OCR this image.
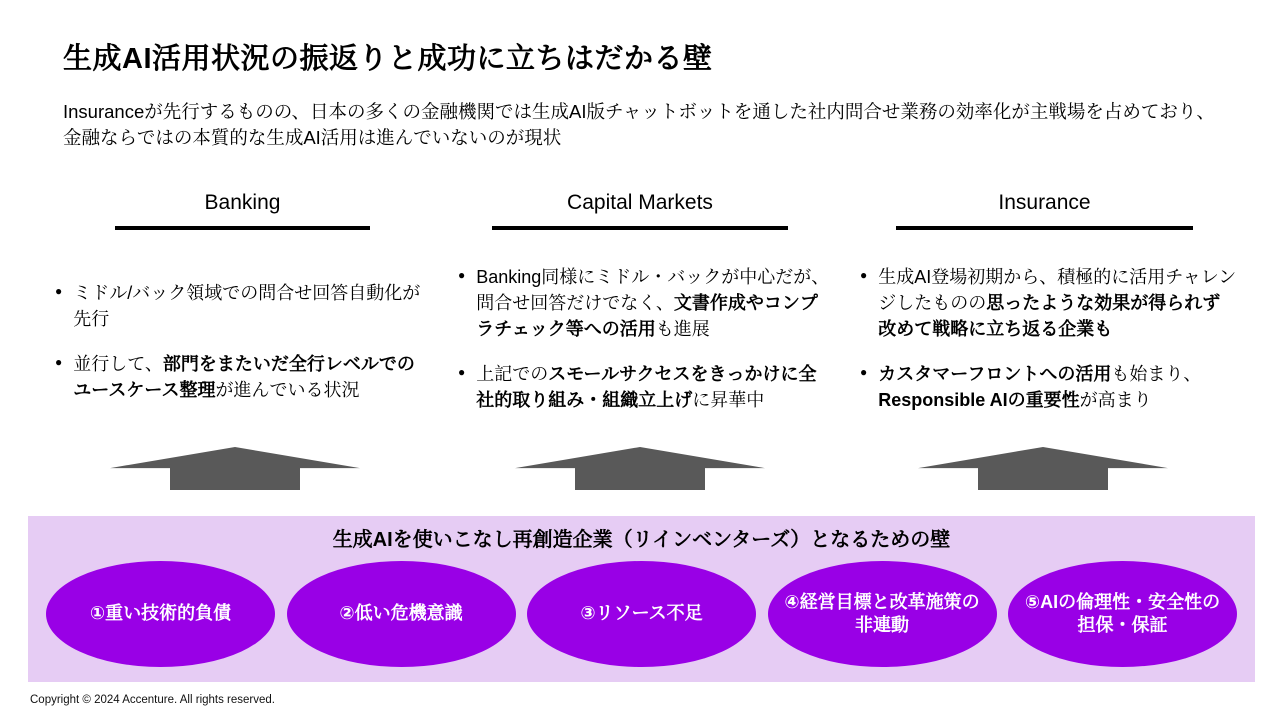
生成AI活用状況の振返りと成功に立ちはだかる壁

Insuranceが先行するものの、日本の多くの金融機関では生成AI版チャットボットを通した社内問合せ業務の効率化が主戦場を占めており、金融ならではの本質的な生成AI活用は進んでいないのが現状

Banking
● ミドル/バック領域での問合せ回答自動化が先行
● 並行して、部門をまたいだ全行レベルでのユースケース整理が進んでいる状況
Capital Markets
● Banking同様にミドル・バックが中心だが、問合せ回答だけでなく、文書作成やコンプラチェック等への活用も進展
● 上記でのスモールサクセスをきっかけに全社的取り組み・組織立上げに昇華中
Insurance
● 生成AI登場初期から、積極的に活用チャレンジしたものの思ったような効果が得られず改めて戦略に立ち返る企業も
● カスタマーフロントへの活用も始まり、Responsible AIの重要性が高まり
生成AIを使いこなし再創造企業（リインベンターズ）となるための壁
①重い技術的負債	②低い危機意識	③リソース不足
④経営目標と改革施策の非連動
⑤AIの倫理性・安全性の担保・保証
Copyright © 2024 Accenture. All rights reserved.
